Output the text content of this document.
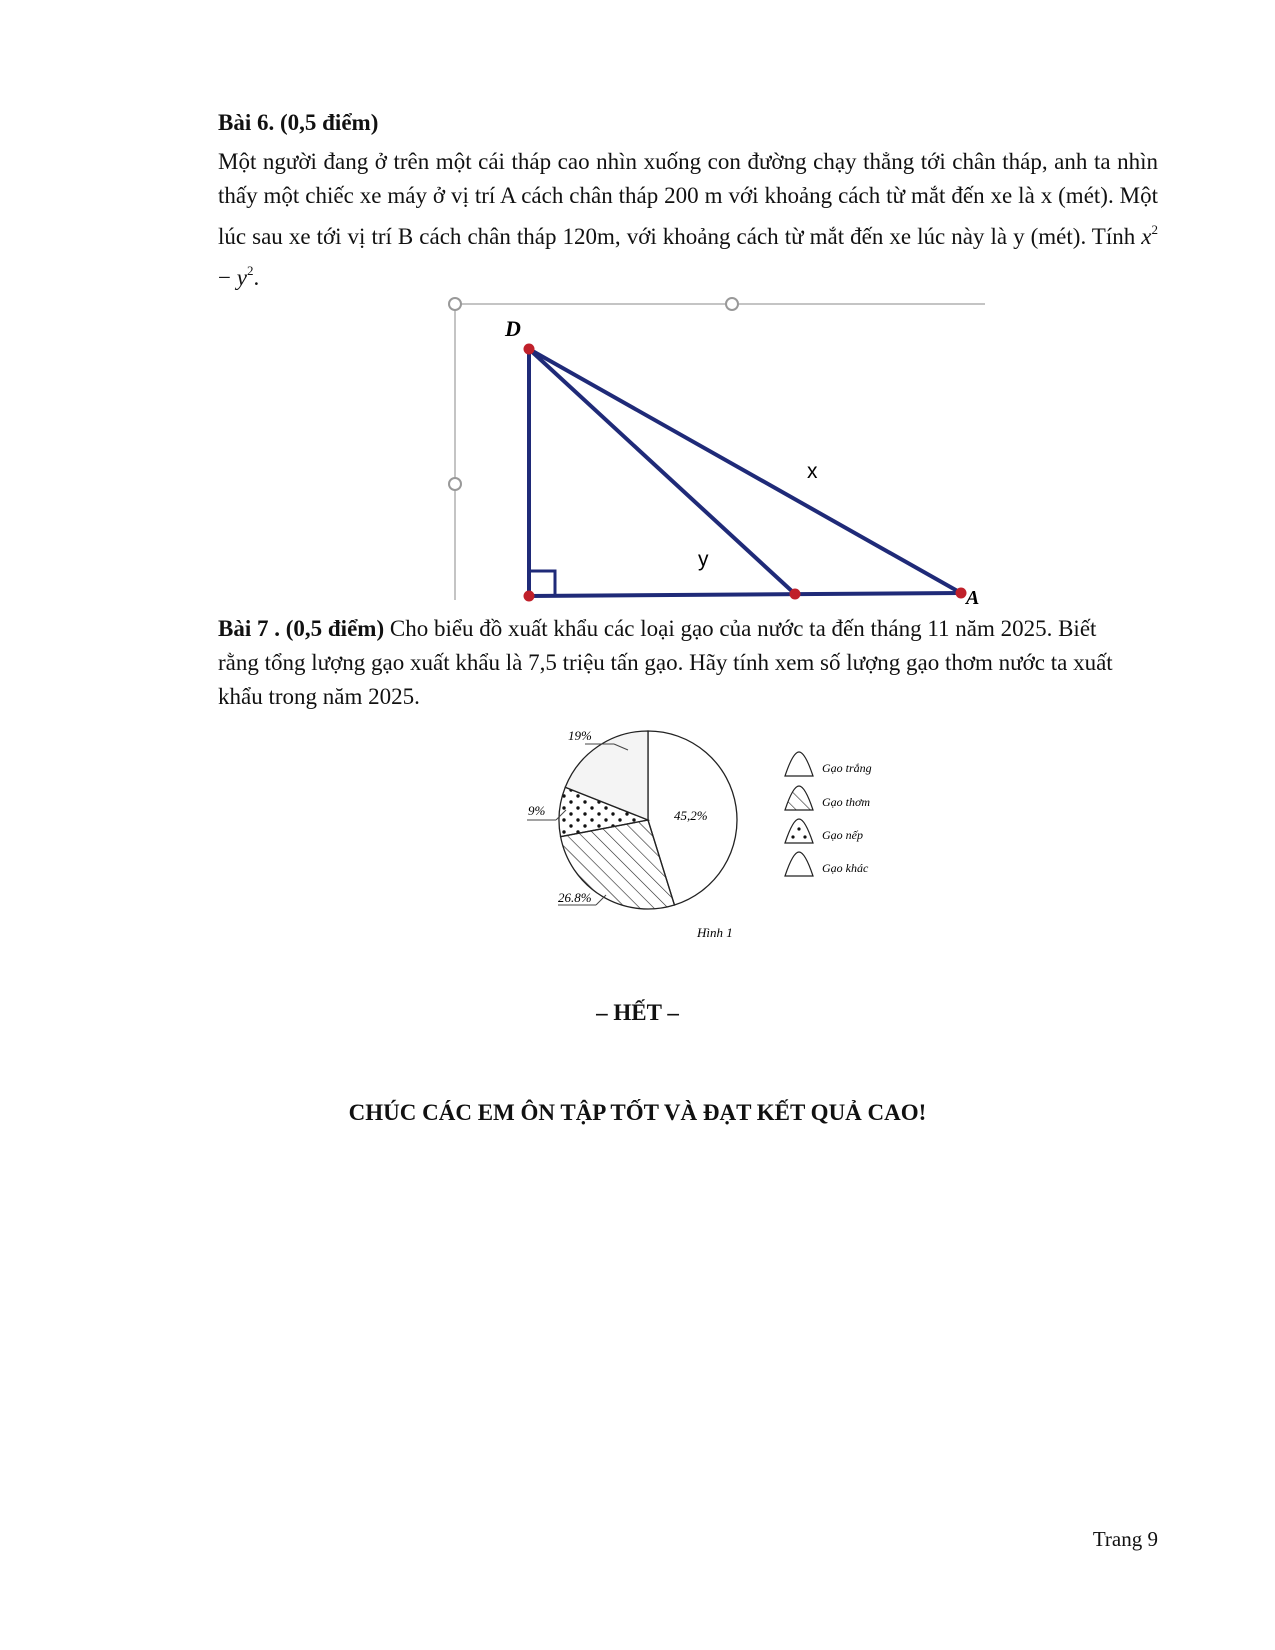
Bài 6. (0,5 điểm)
Một người đang ở trên một cái tháp cao nhìn xuống con đường chạy thẳng tới chân tháp, anh ta nhìn thấy một chiếc xe máy ở vị trí A cách chân tháp 200 m với khoảng cách từ mắt đến xe là x (mét). Một lúc sau xe tới vị trí B cách chân tháp 120m, với khoảng cách từ mắt đến xe lúc này là y (mét). Tính $x^2 - y^2$.
D
A
x
y
Bài 7 . (0,5 điểm) Cho biểu đồ xuất khẩu các loại gạo của nước ta đến tháng 11 năm 2025. Biết rằng tổng lượng gạo xuất khẩu là 7,5 triệu tấn gạo. Hãy tính xem số lượng gạo thơm nước ta xuất khẩu trong năm 2025.
45,2%
26.8%
9%
19%
Gạo trắng
Gạo thơm
Gạo nếp
Gạo khác
Hình 1
– HẾT –
CHÚC CÁC EM ÔN TẬP TỐT VÀ ĐẠT KẾT QUẢ CAO!
Trang 9
